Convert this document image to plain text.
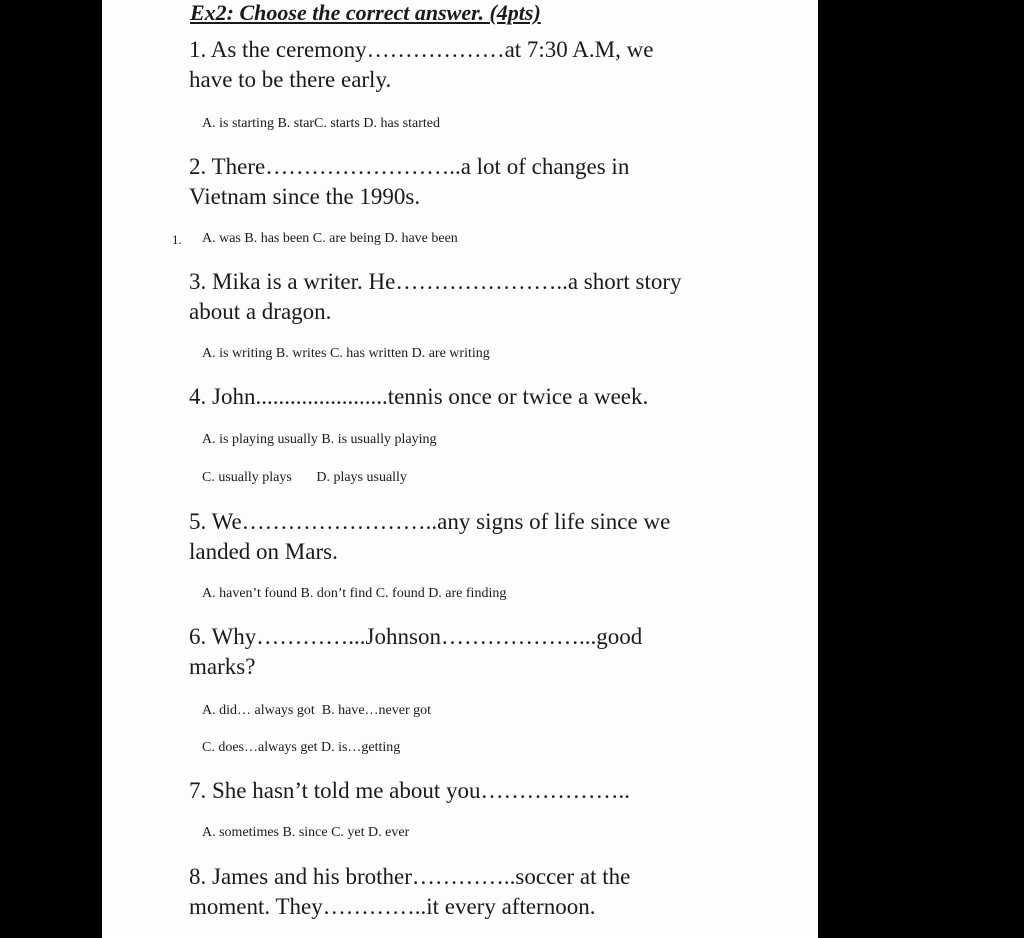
Ex2: Choose the correct answer. (4pts)
1.
1. As the ceremony………………at 7:30 A.M, we
have to be there early.
A. is starting B. starC. starts D. has started
2. There……………………..a lot of changes in
Vietnam since the 1990s.
A. was B. has been C. are being D. have been
3. Mika is a writer. He…………………..a short story
about a dragon.
A. is writing B. writes C. has written D. are writing
4. John.......................tennis once or twice a week.
A. is playing usually B. is usually playing
C. usually plays       D. plays usually
5. We……………………..any signs of life since we
landed on Mars.
A. haven’t found B. don’t find C. found D. are finding
6. Why…………...Johnson………………...good
marks?
A. did… always got  B. have…never got
C. does…always get D. is…getting
7. She hasn’t told me about you………………..
A. sometimes B. since C. yet D. ever
8. James and his brother…………..soccer at the
moment. They…………..it every afternoon.
